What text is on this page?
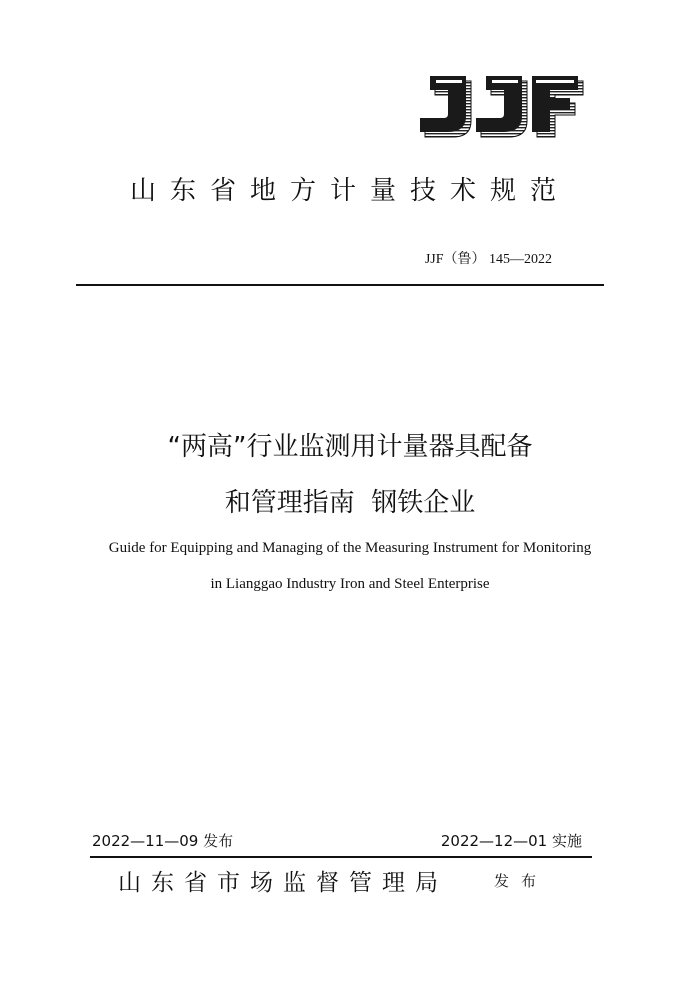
山东省地方计量技术规范
JJF（鲁） 145—2022
“两高”行业监测用计量器具配备
和管理指南  钢铁企业
Guide for Equipping and Managing of the Measuring Instrument for Monitoring
in Lianggao Industry Iron and Steel Enterprise
2022—11—09 发布	2022—12—01 实施
山东省市场监督管理局	发布
